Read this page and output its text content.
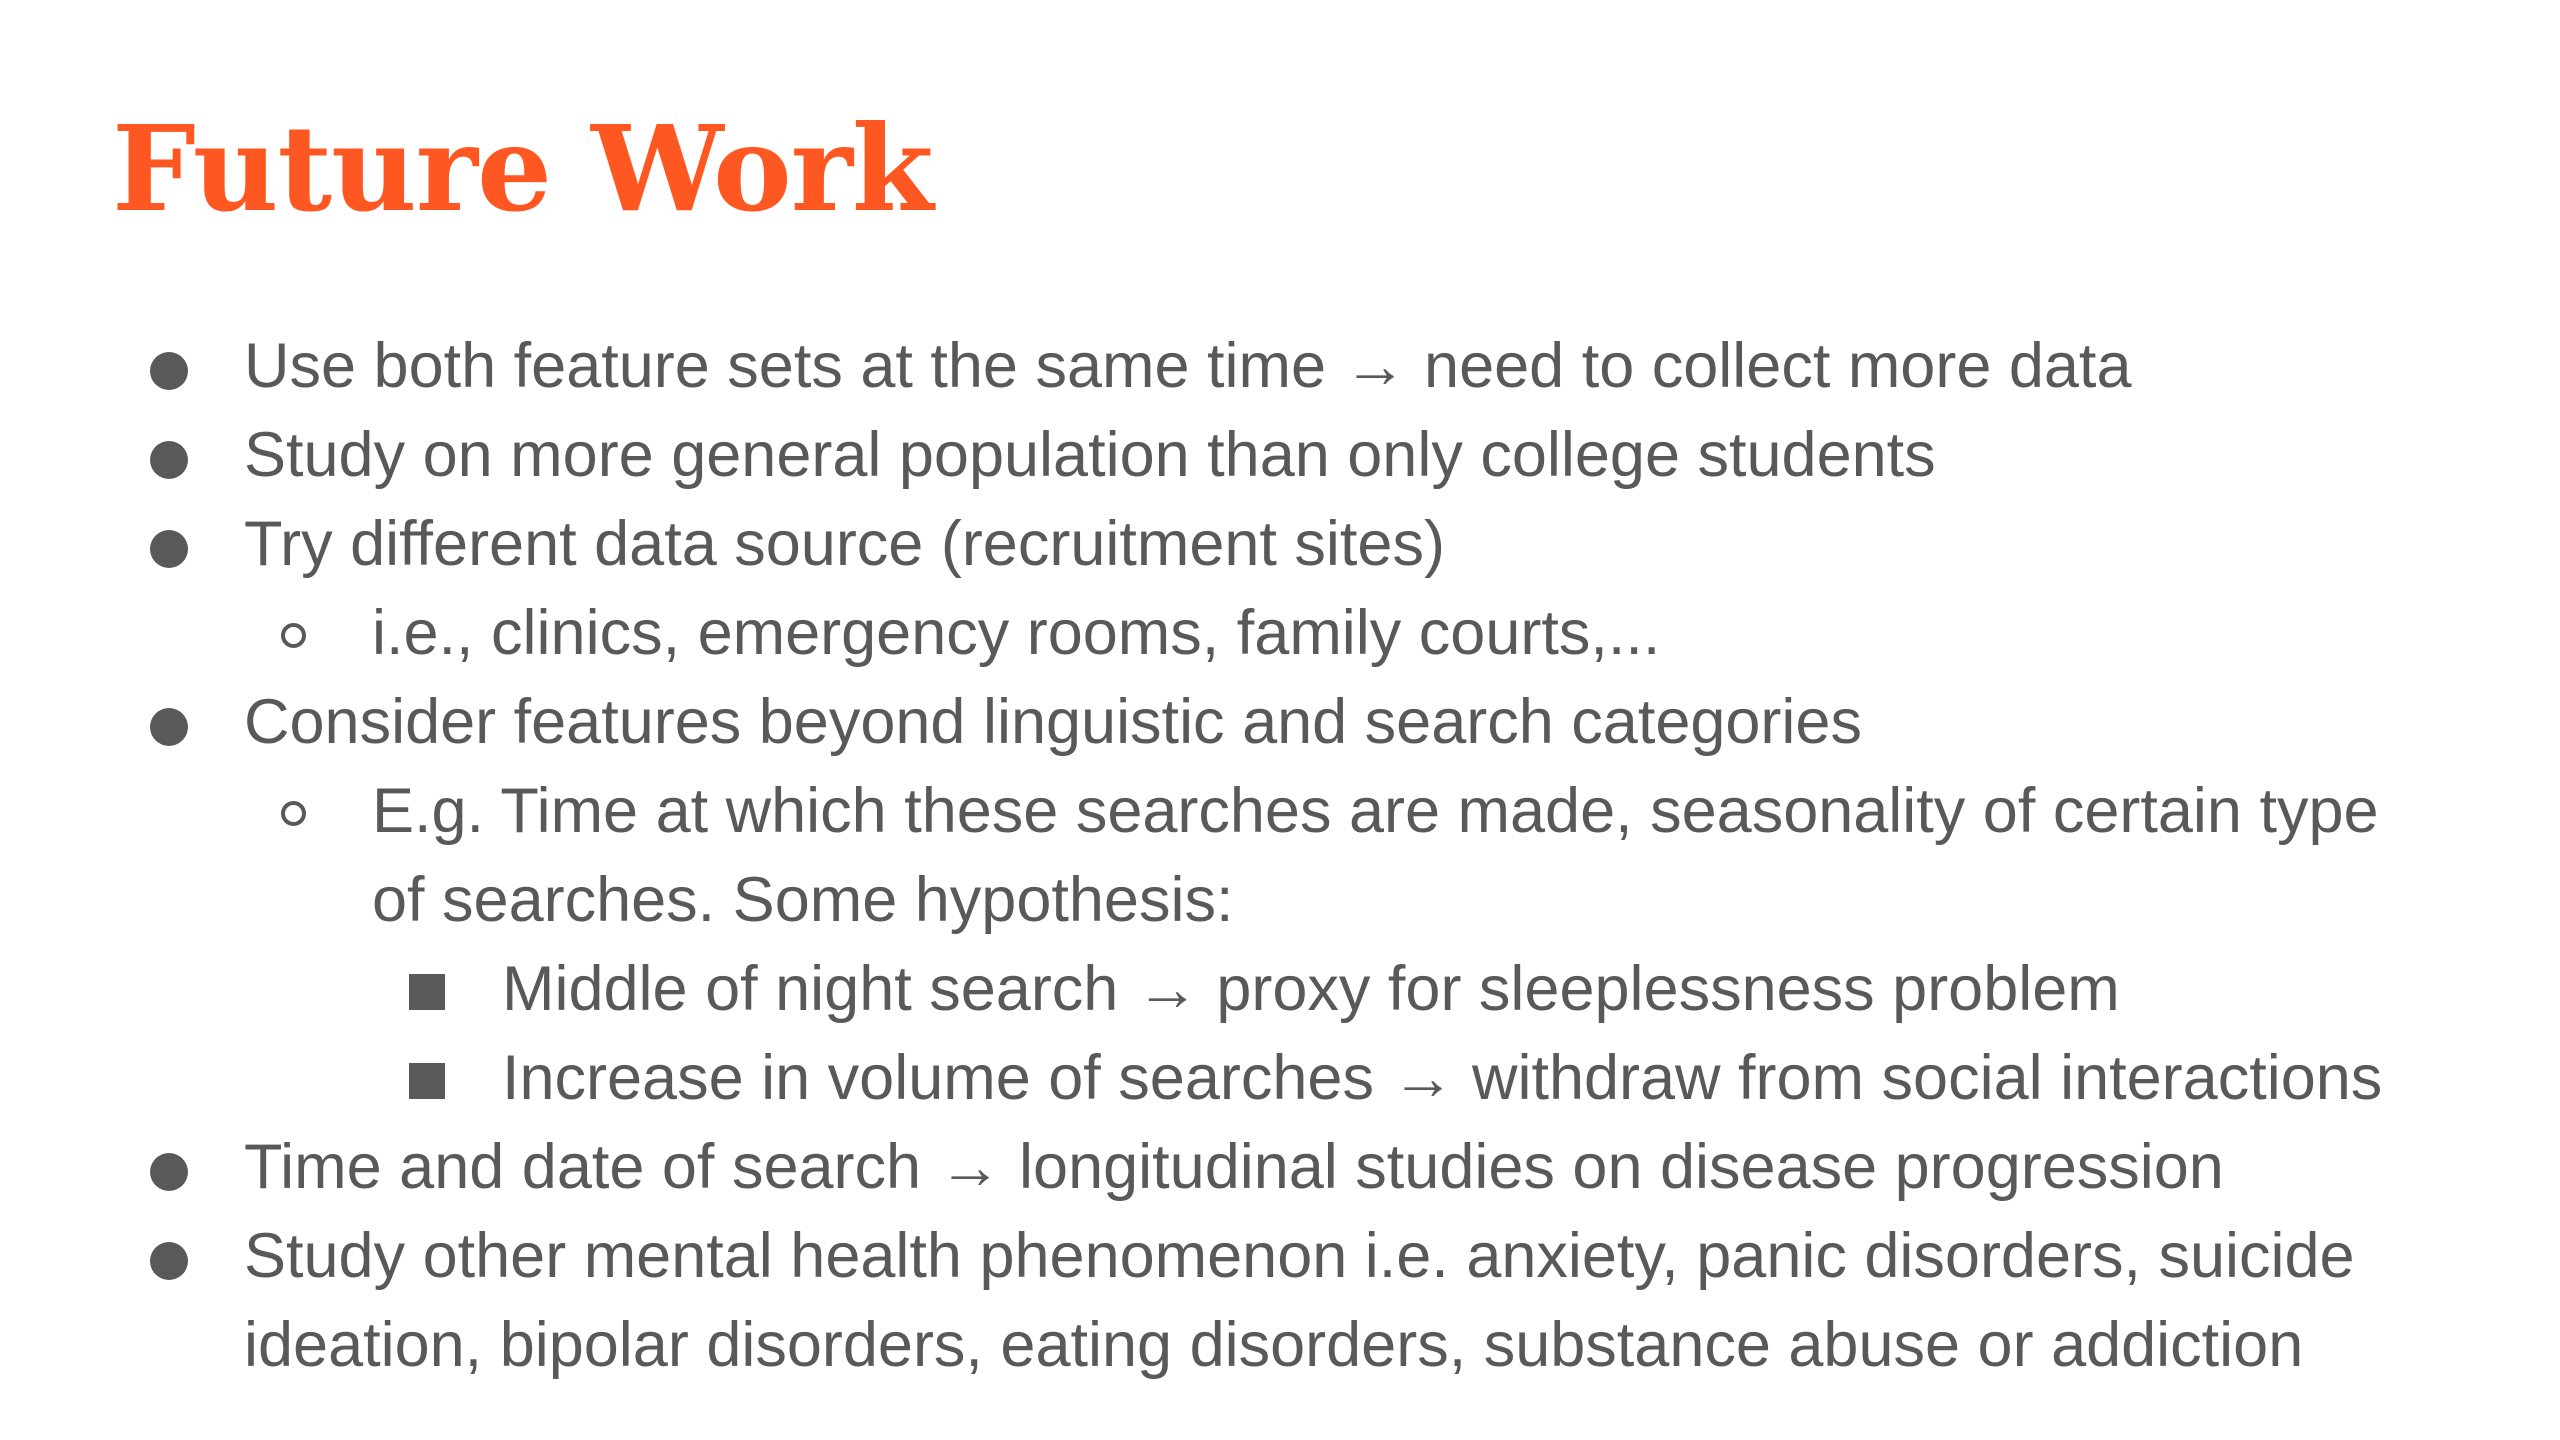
Future Work
Use both feature sets at the same time → need to collect more data
Study on more general population than only college students
Try different data source (recruitment sites)
i.e., clinics, emergency rooms, family courts,...
Consider features beyond linguistic and search categories
E.g. Time at which these searches are made, seasonality of certain type
of searches. Some hypothesis:
Middle of night search → proxy for sleeplessness problem
Increase in volume of searches → withdraw from social interactions
Time and date of search → longitudinal studies on disease progression
Study other mental health phenomenon i.e. anxiety, panic disorders, suicide
ideation, bipolar disorders, eating disorders, substance abuse or addiction
